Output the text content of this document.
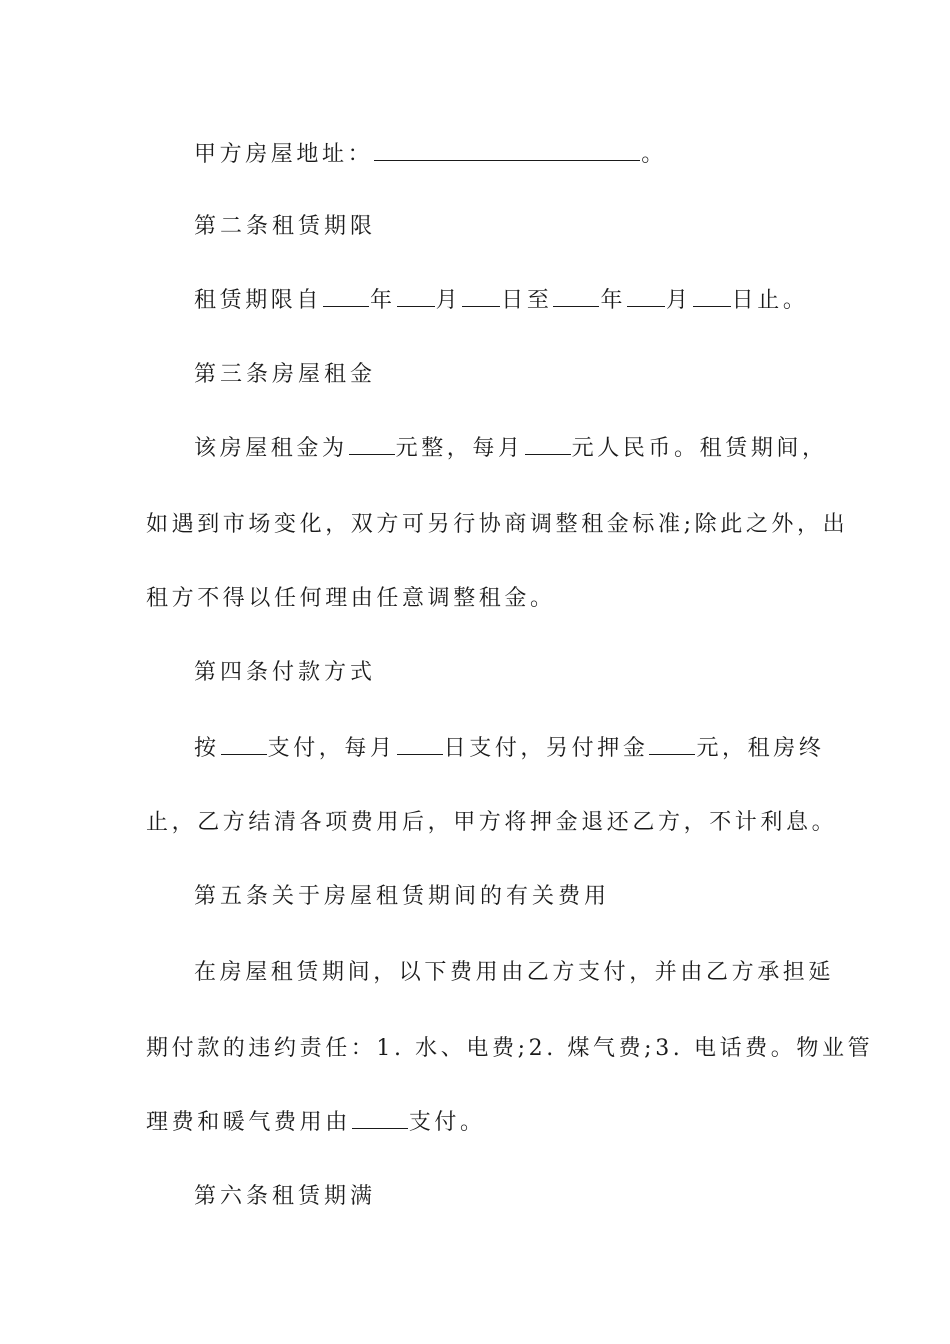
甲方房屋地址：	。
第二条租赁期限
租赁期限自 年 月 日至 年 月 日止。
第三条房屋租金
该房屋租金为 元整，每月 元人民币。租赁期间，
如遇到市场变化，双方可另行协商调整租金标准;除此之外，出
租方不得以任何理由任意调整租金。
第四条付款方式
按 支付，每月 日支付，另付押金 元，租房终
止，乙方结清各项费用后，甲方将押金退还乙方，不计利息。
第五条关于房屋租赁期间的有关费用
在房屋租赁期间，以下费用由乙方支付，并由乙方承担延
期付款的违约责任：1. 水、电费;2. 煤气费;3. 电话费。物业管
理费和暖气费用由	支付。
第六条租赁期满
